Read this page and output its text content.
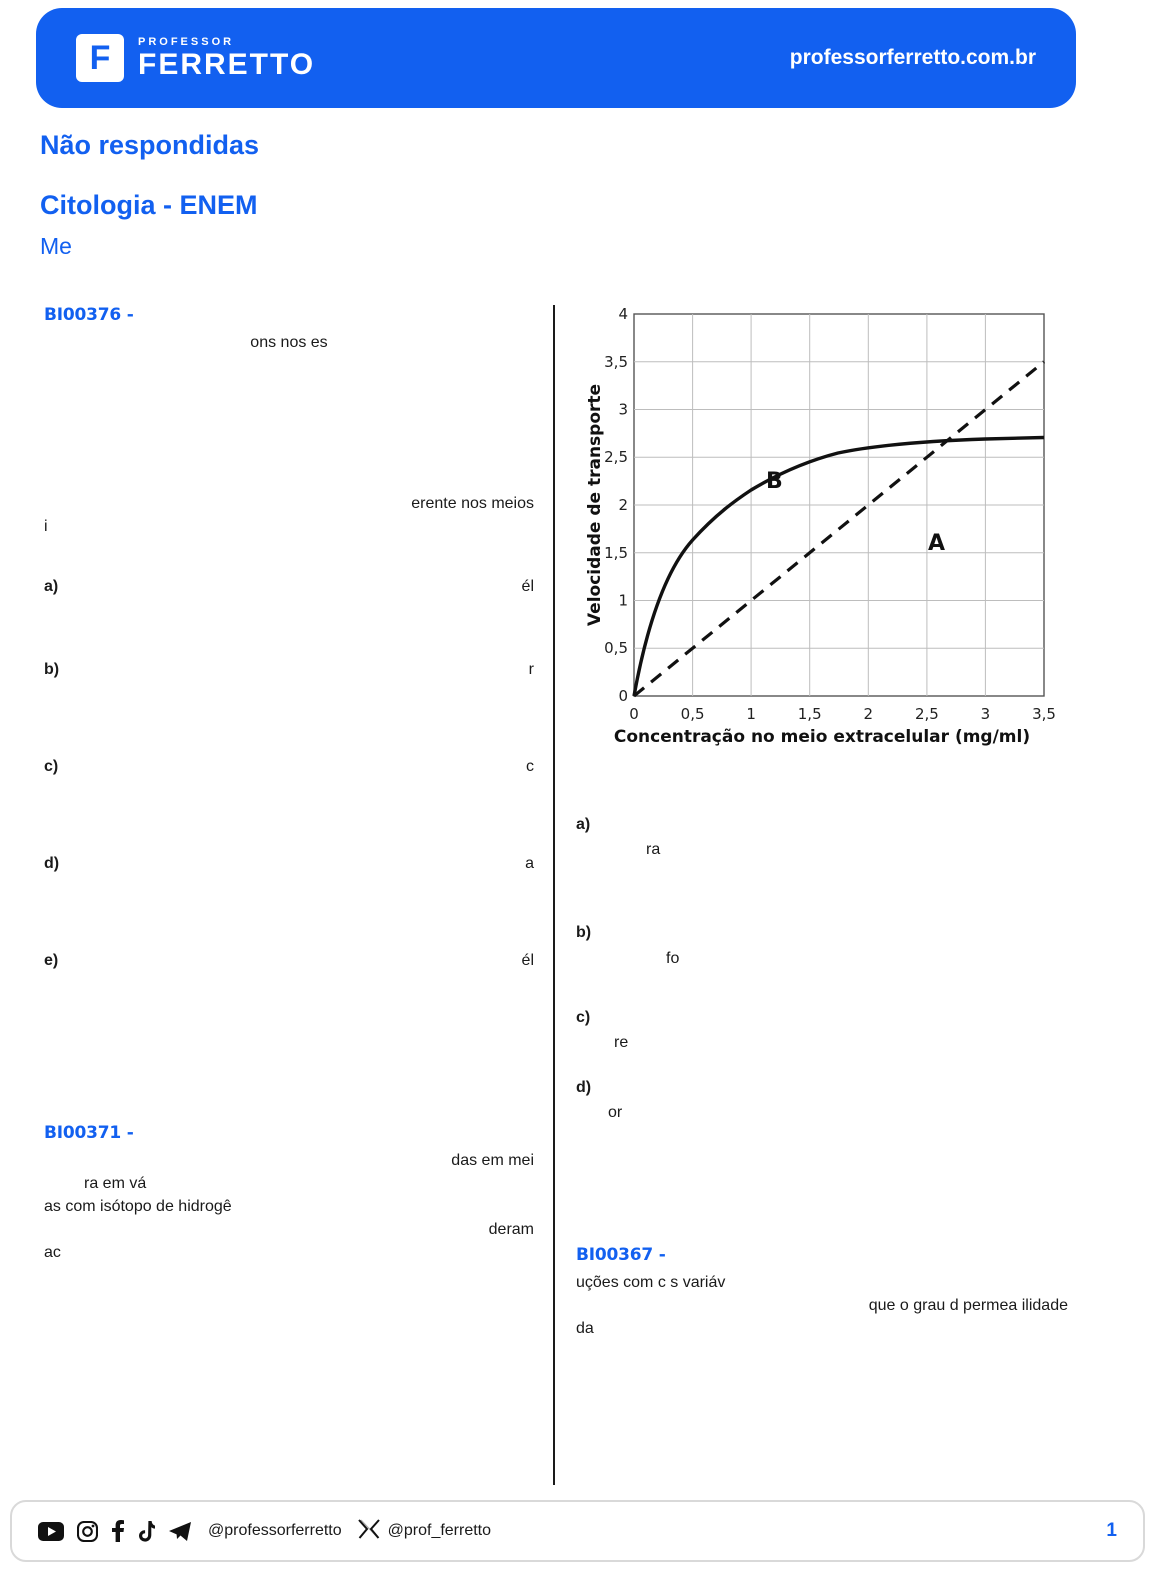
F	PROFESSOR
FERRETTO	professorferretto.com.br
Não respondidas
Citologia - ENEM
Me
BI00376 -
ons nos es
erente nos meios
i
a)	él
b)	r
c)	c
d)	a
e)	él
BI00371 -
das em mei
ra em vá
as com isótopo de hidrogê
deram
ac
4
3,5
3
2,5
2
1,5
1
0,5
0
0	0,5	1	1,5	2	2,5	3	3,5
B
A
Concentração no meio extracelular (mg/ml)
Velocidade de transporte
a)
ra
b)
fo
c)
re
d)
or
BI00367 -
uções com c s variáv
que o grau d permea ilidade
da
@professorferretto	@prof_ferretto	1
